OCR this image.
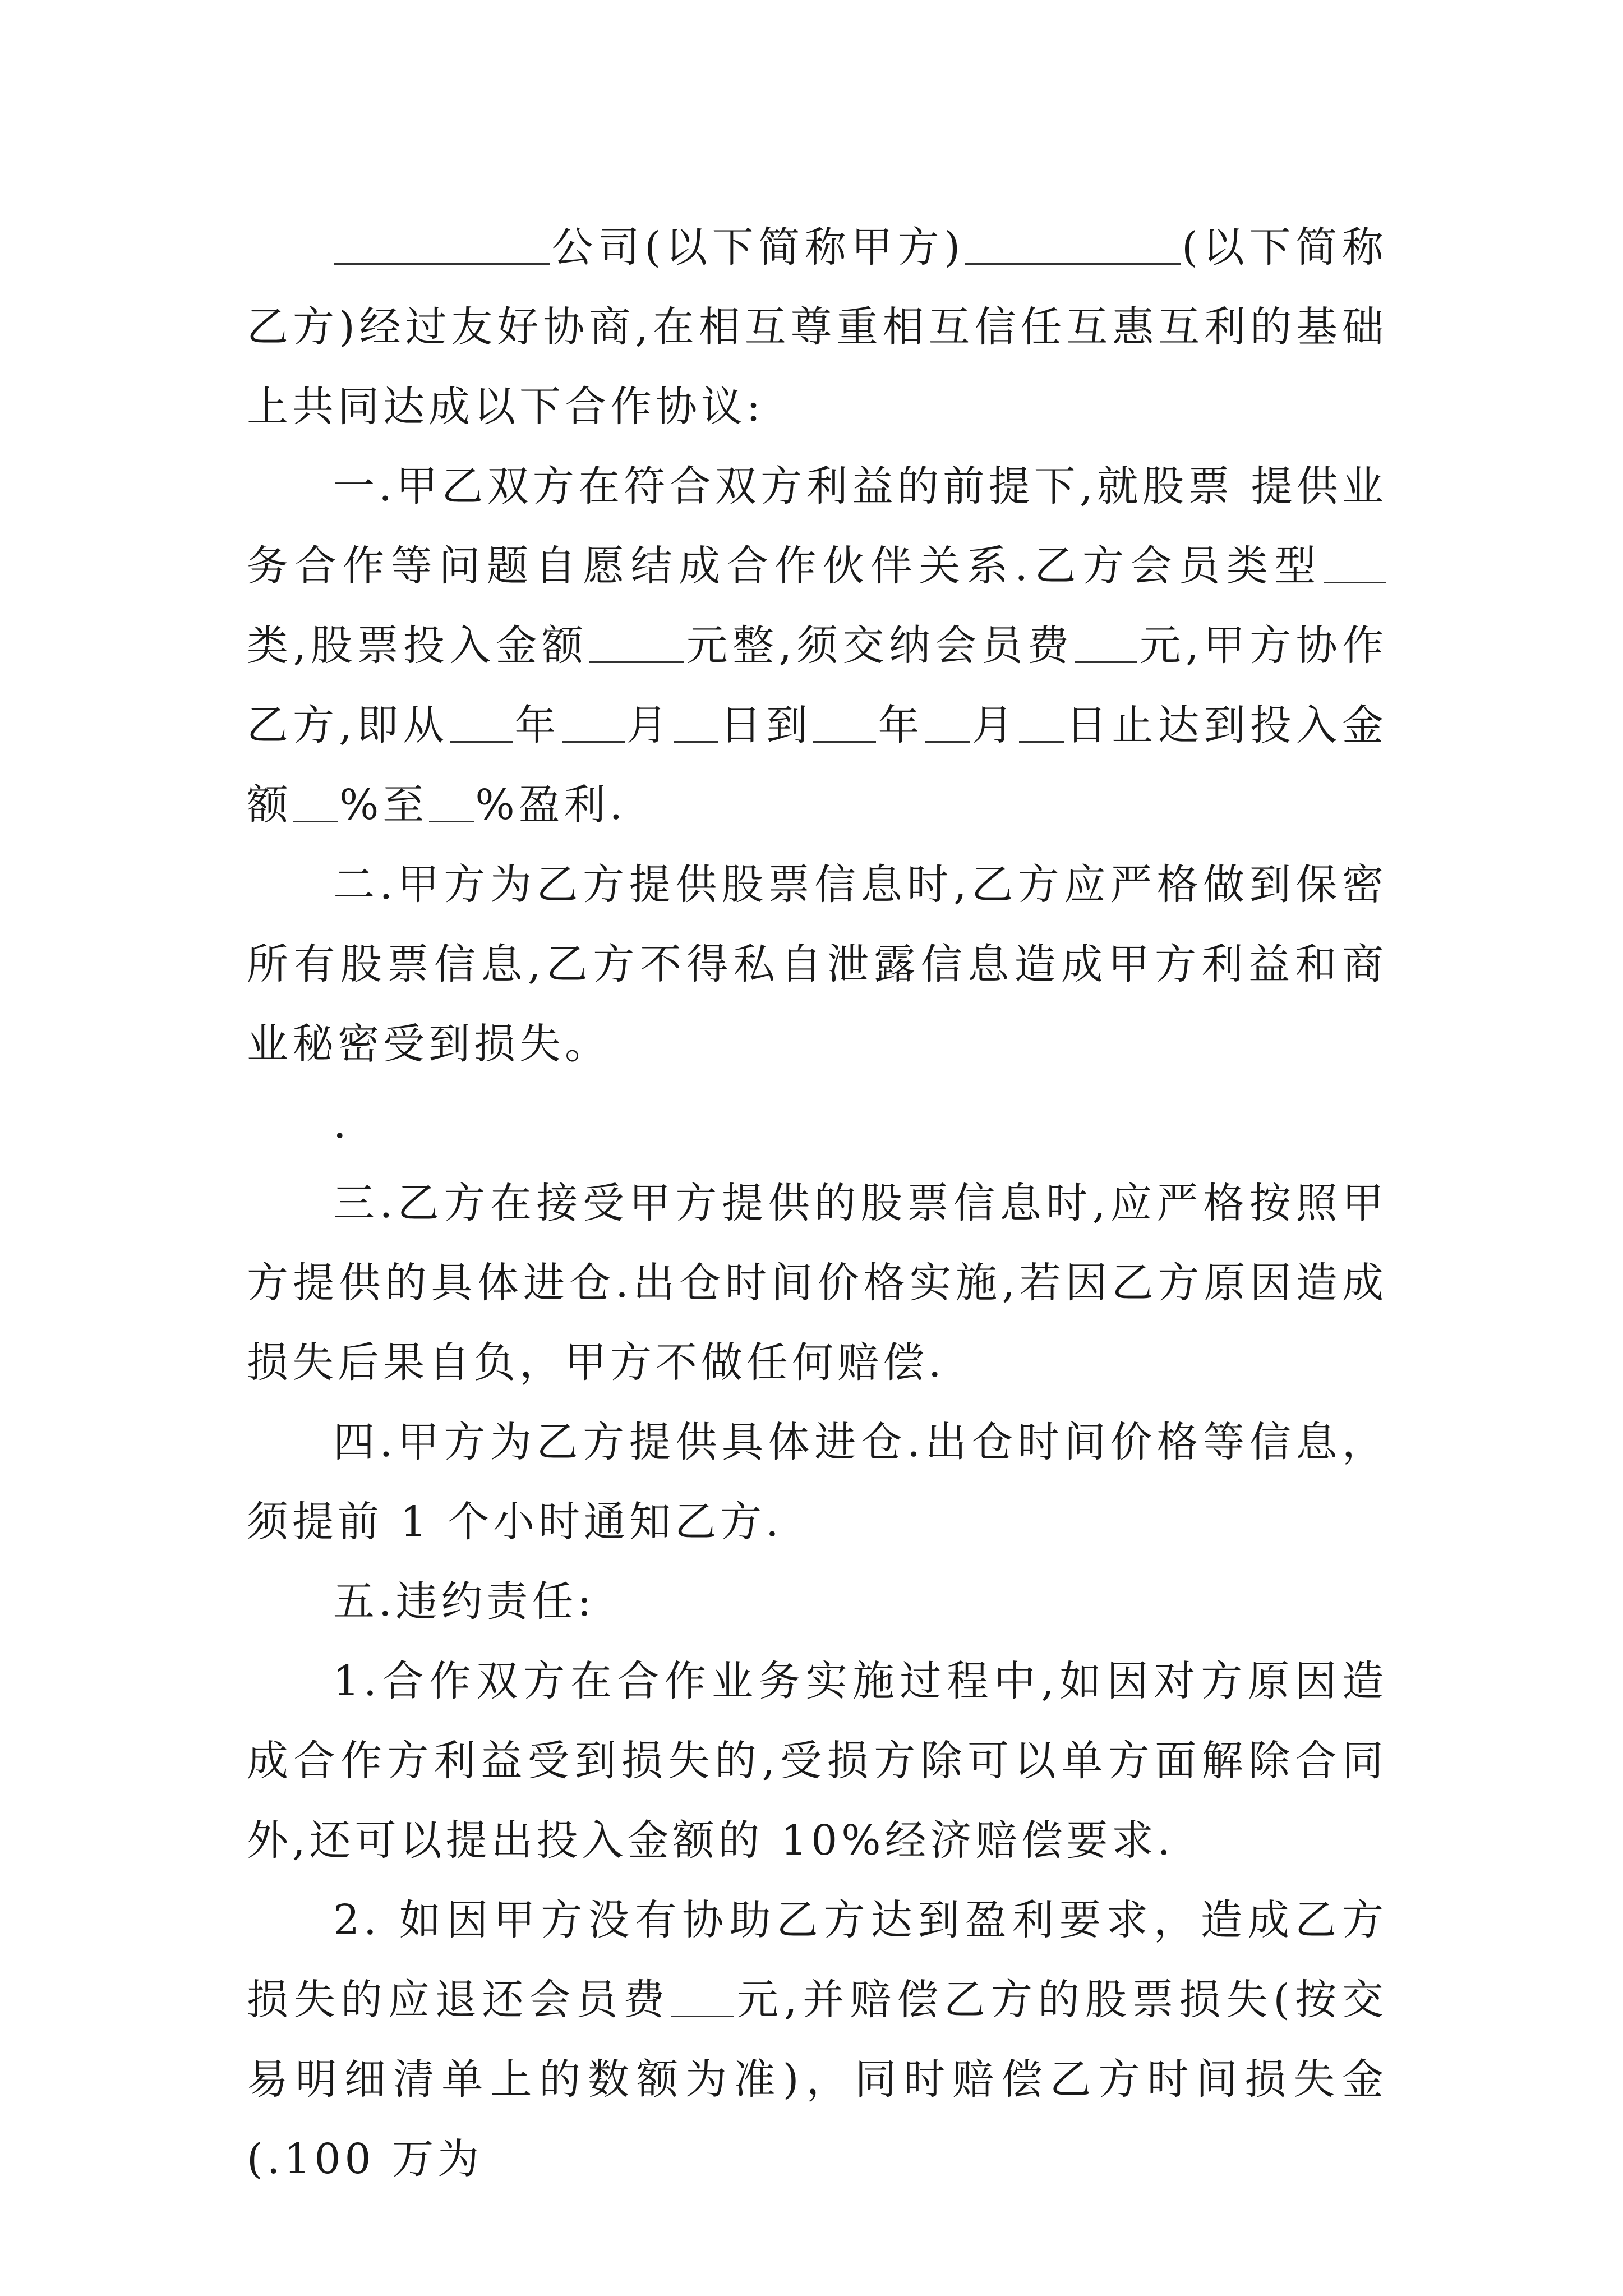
公司(以下简称甲方)	(以下简称乙方)经过友好协商,在相互尊重相互信任互惠互利的基础上共同达成以下合作协议:

一.甲乙双方在符合双方利益的前提下,就股票 提供业务合作等问题自愿结成合作伙伴关系.乙方会员类型类,股票投入金额 元整,须交纳会员费 元,甲方协作乙方,即从 年 月 日到 年 月 日止达到投入金额 %至 %盈利.

二.甲方为乙方提供股票信息时,乙方应严格做到保密所有股票信息,乙方不得私自泄露信息造成甲方利益和商业秘密受到损失。

.

三.乙方在接受甲方提供的股票信息时,应严格按照甲方提供的具体进仓.出仓时间价格实施,若因乙方原因造成损失后果自负，甲方不做任何赔偿.

四.甲方为乙方提供具体进仓.出仓时间价格等信息，须提前 1 个小时通知乙方.

五.违约责任:

1.合作双方在合作业务实施过程中,如因对方原因造成合作方利益受到损失的,受损方除可以单方面解除合同外,还可以提出投入金额的 10%经济赔偿要求.

2. 如因甲方没有协助乙方达到盈利要求，造成乙方损失的应退还会员费 元,并赔偿乙方的股票损失(按交易明细清单上的数额为准)，同时赔偿乙方时间损失金(.100 万为
